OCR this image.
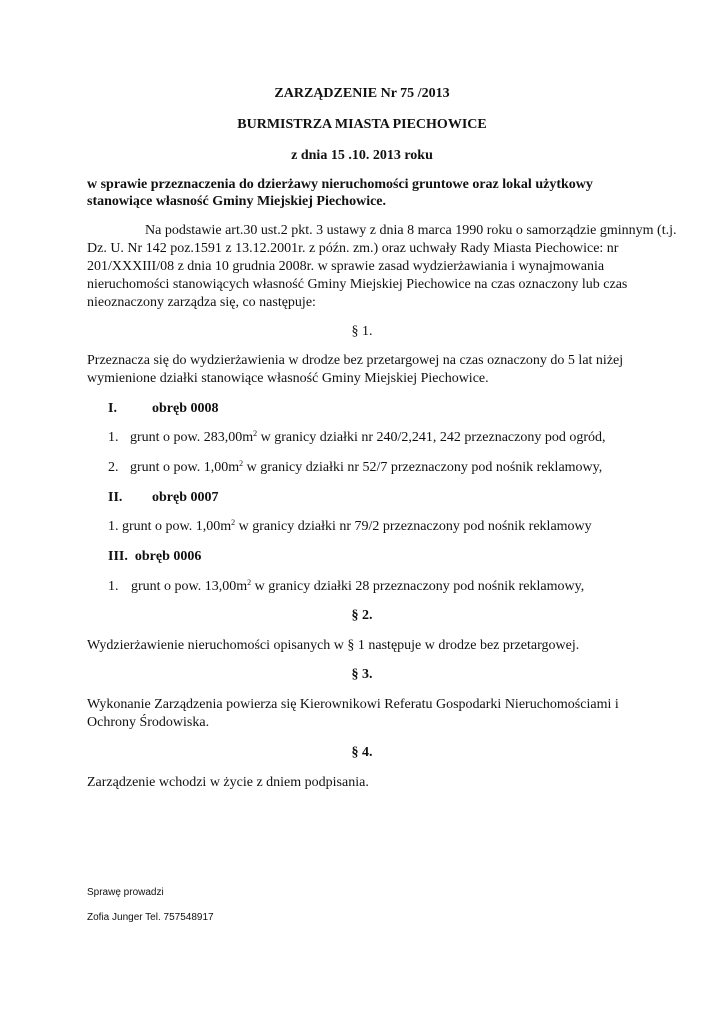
ZARZĄDZENIE Nr 75 /2013
BURMISTRZA MIASTA PIECHOWICE
z dnia 15 .10. 2013 roku
w sprawie przeznaczenia do dzierżawy nieruchomości gruntowe oraz lokal użytkowy
stanowiące własność Gminy Miejskiej Piechowice.
Na podstawie art.30 ust.2 pkt. 3 ustawy z dnia 8 marca 1990 roku o samorządzie gminnym (t.j.
Dz. U. Nr 142 poz.1591 z 13.12.2001r. z późn. zm.) oraz uchwały Rady Miasta Piechowice: nr
201/XXXIII/08 z dnia 10 grudnia 2008r. w sprawie zasad wydzierżawiania i wynajmowania
nieruchomości stanowiących własność Gminy Miejskiej Piechowice na czas oznaczony lub czas
nieoznaczony zarządza się, co następuje:
§ 1.
Przeznacza się do wydzierżawienia w drodze bez przetargowej na czas oznaczony do 5 lat niżej
wymienione działki stanowiące własność Gminy Miejskiej Piechowice.
I.	obręb 0008
1. grunt o pow. $283,00m^2$ w granicy działki nr 240/2,241, 242 przeznaczony pod ogród,
2. grunt o pow. $1,00m^2$ w granicy działki nr 52/7 przeznaczony pod nośnik reklamowy,
II. obręb 0007
1. grunt o pow. $1,00m^2$ w granicy działki nr 79/2 przeznaczony pod nośnik reklamowy
III. obręb 0006
1. grunt o pow. $13,00m^2$ w granicy działki 28 przeznaczony pod nośnik reklamowy,
§ 2.
Wydzierżawienie nieruchomości opisanych w § 1 następuje w drodze bez przetargowej.
§ 3.
Wykonanie Zarządzenia powierza się Kierownikowi Referatu Gospodarki Nieruchomościami i
Ochrony Środowiska.
§ 4.
Zarządzenie wchodzi w życie z dniem podpisania.
Sprawę prowadzi
Zofia Junger Tel. 757548917
